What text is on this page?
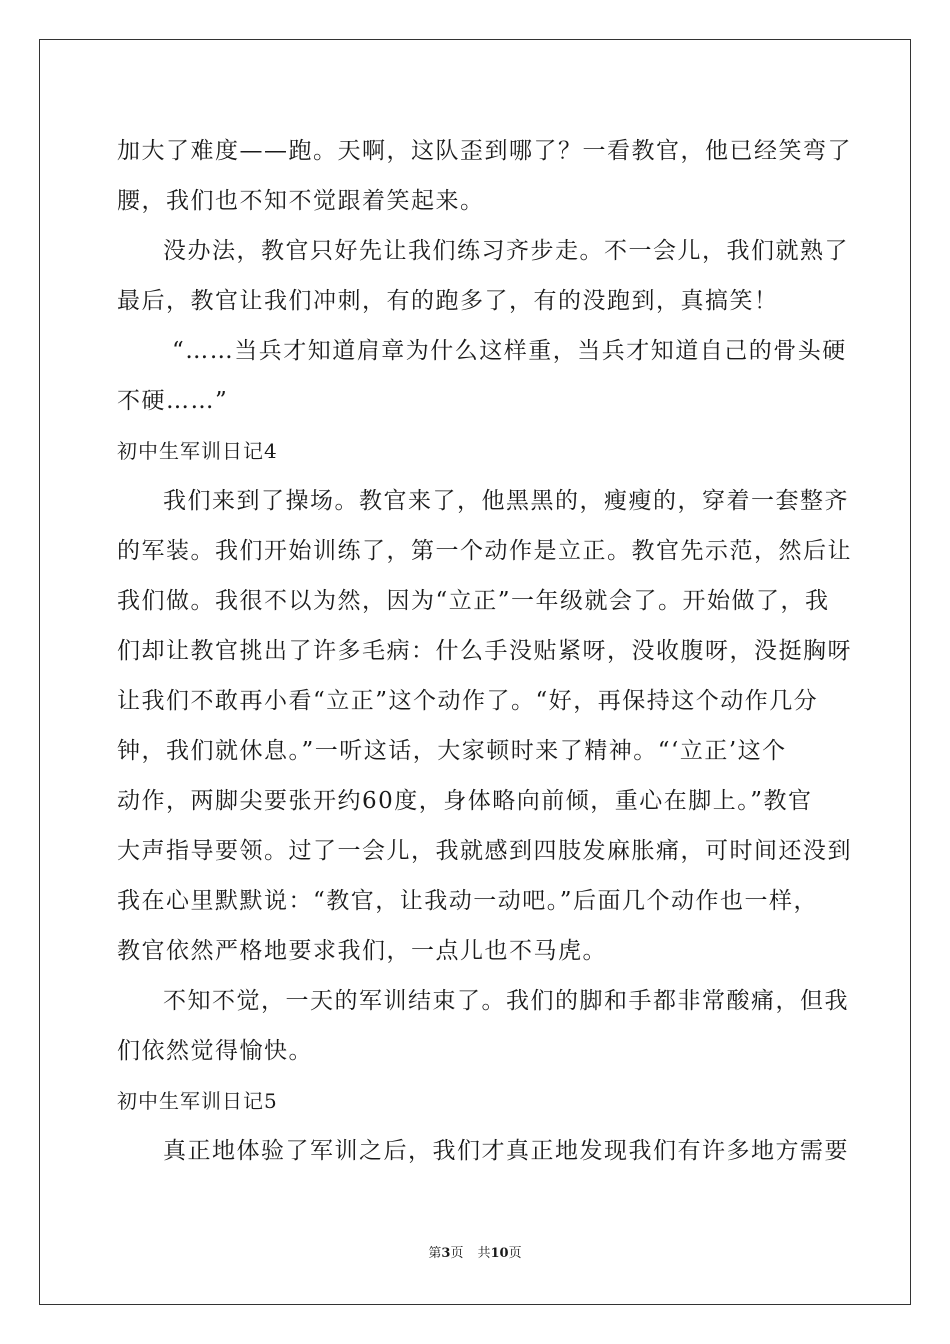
加大了难度——跑。天啊，这队歪到哪了？一看教官，他已经笑弯了
腰，我们也不知不觉跟着笑起来。
没办法，教官只好先让我们练习齐步走。不一会儿，我们就熟了
最后，教官让我们冲刺，有的跑多了，有的没跑到，真搞笑！
“……当兵才知道肩章为什么这样重，当兵才知道自己的骨头硬
不硬……”
初中生军训日记4
我们来到了操场。教官来了，他黑黑的，瘦瘦的，穿着一套整齐
的军装。我们开始训练了，第一个动作是立正。教官先示范，然后让
我们做。我很不以为然，因为“立正”一年级就会了。开始做了，我
们却让教官挑出了许多毛病：什么手没贴紧呀，没收腹呀，没挺胸呀
让我们不敢再小看“立正”这个动作了。“好，再保持这个动作几分
钟，我们就休息。”一听这话，大家顿时来了精神。“‘立正’这个
动作，两脚尖要张开约60度，身体略向前倾，重心在脚上。”教官
大声指导要领。过了一会儿，我就感到四肢发麻胀痛，可时间还没到
我在心里默默说：“教官，让我动一动吧。”后面几个动作也一样，
教官依然严格地要求我们，一点儿也不马虎。
不知不觉，一天的军训结束了。我们的脚和手都非常酸痛，但我
们依然觉得愉快。
初中生军训日记5
真正地体验了军训之后，我们才真正地发现我们有许多地方需要
第3页 共10页
